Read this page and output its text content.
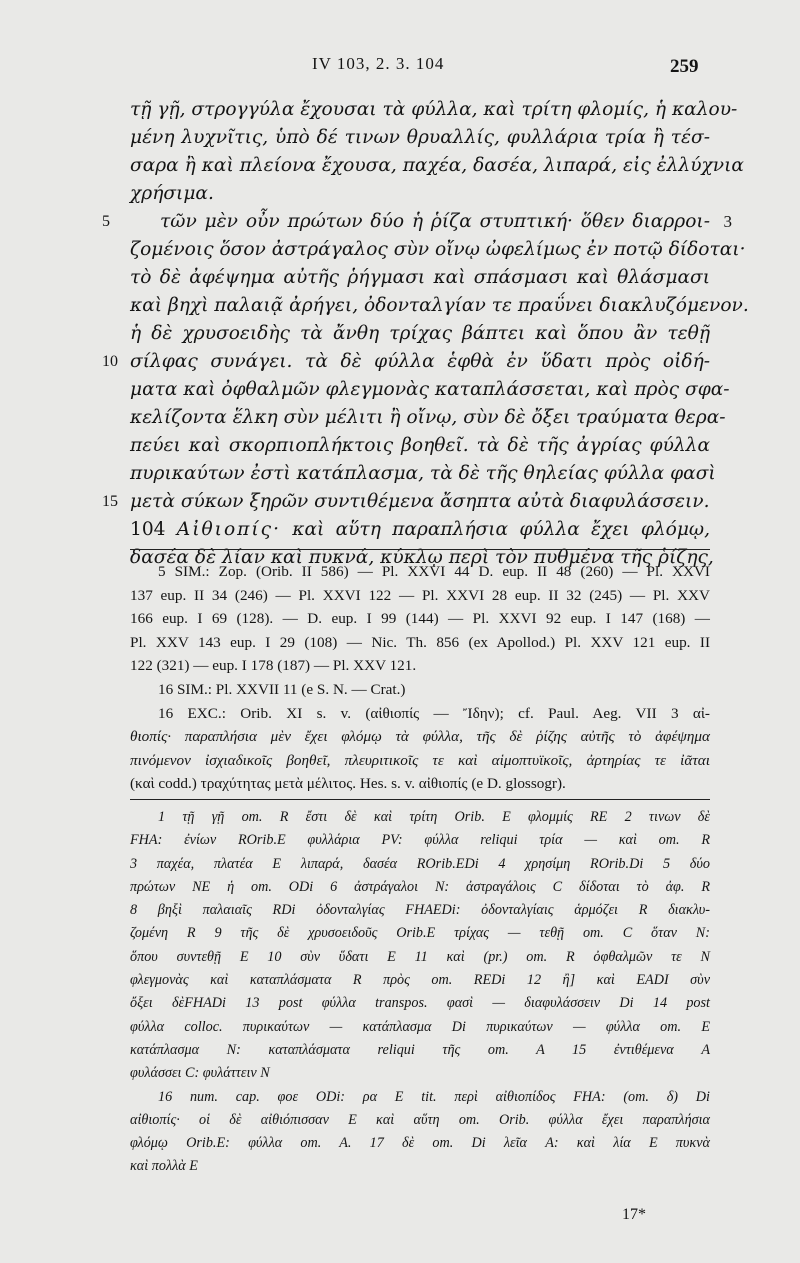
IV 103, 2. 3. 104	259
τῇ γῇ, στρογγύλα ἔχουσαι τὰ φύλλα, καὶ τρίτη φλομίς, ἡ καλου-
μένη λυχνῖτις, ὑπὸ δέ τινων θρυαλλίς, φυλλάρια τρία ἢ τέσ-
σαρα ἢ καὶ πλείονα ἔχουσα, παχέα, δασέα, λιπαρά, εἰς ἐλλύχνια
χρήσιμα.
5	τῶν μὲν οὖν πρώτων δύο ἡ ῥίζα στυπτική· ὅθεν διαρροι- 3
ζομένοις ὅσον ἀστράγαλος σὺν οἴνῳ ὠφελίμως ἐν ποτῷ δίδοται·
τὸ δὲ ἀφέψημα αὐτῆς ῥήγμασι καὶ σπάσμασι καὶ θλάσμασι
καὶ βηχὶ παλαιᾷ ἀρήγει, ὀδονταλγίαν τε πραΰνει διακλυζόμενον.
ἡ δὲ χρυσοειδὴς τὰ ἄνθη τρίχας βάπτει καὶ ὅπου ἂν τεθῇ
10 σίλφας συνάγει. τὰ δὲ φύλλα ἑφθὰ ἐν ὕδατι πρὸς οἰδή-
ματα καὶ ὀφθαλμῶν φλεγμονὰς καταπλάσσεται, καὶ πρὸς σφα-
κελίζοντα ἕλκη σὺν μέλιτι ἢ οἴνῳ, σὺν δὲ ὄξει τραύματα θερα-
πεύει καὶ σκορπιοπλήκτοις βοηθεῖ. τὰ δὲ τῆς ἀγρίας φύλλα
πυρικαύτων ἐστὶ κατάπλασμα, τὰ δὲ τῆς θηλείας φύλλα φασὶ
15 μετὰ σύκων ξηρῶν συντιθέμενα ἄσηπτα αὐτὰ διαφυλάσσειν.
104 Αἰθιοπίς· καὶ αὕτη παραπλήσια φύλλα ἔχει φλόμῳ,
δασέα δὲ λίαν καὶ πυκνά, κύκλῳ περὶ τὸν πυθμένα τῆς ῥίζης,
5 SIM.: Zop. (Orib. II 586) — Pl. XXVI 44 D. eup. II 48 (260) — Pl. XXVI
137 eup. II 34 (246) — Pl. XXVI 122 — Pl. XXVI 28 eup. II 32 (245) — Pl. XXV
166 eup. I 69 (128). — D. eup. I 99 (144) — Pl. XXVI 92 eup. I 147 (168) —
Pl. XXV 143 eup. I 29 (108) — Nic. Th. 856 (ex Apollod.) Pl. XXV 121 eup. II
122 (321) — eup. I 178 (187) — Pl. XXV 121.
16 SIM.: Pl. XXVII 11 (e S. N. — Crat.)
16 EXC.: Orib. XI s. v. (αἰθιοπίς — Ἴδην); cf. Paul. Aeg. VII 3 αἰ-
θιοπίς· παραπλήσια μὲν ἔχει φλόμῳ τὰ φύλλα, τῆς δὲ ῥίζης αὐτῆς τὸ ἀφέψημα
πινόμενον ἰσχιαδικοῖς βοηθεῖ, πλευριτικοῖς τε καὶ αἱμοπτυϊκοῖς, ἀρτηρίας τε ἰᾶται
(καὶ codd.) τραχύτητας μετὰ μέλιτος. Hes. s. v. αἰθιοπίς (e D. glossogr).
1 τῇ γῇ om. R ἔστι δὲ καὶ τρίτη Orib. E φλομμίς RE 2 τινων δὲ
FHA: ἐνίων ROrib.E φυλλάρια PV: φύλλα reliqui τρία — καὶ om. R
3 παχέα, πλατέα E λιπαρά, δασέα ROrib.EDi 4 χρησίμη ROrib.Di 5 δύο
πρώτων NE ἡ om. ODi 6 ἀστράγαλοι N: ἀστραγάλοις C δίδοται τὸ ἀφ. R
8 βηξὶ παλαιαῖς RDi ὀδονταλγίας FHAEDi: ὀδονταλγίαις ἁρμόζει R διακλυ-
ζομένη R 9 τῆς δὲ χρυσοειδοῦς Orib.E τρίχας — τεθῇ om. C ὅταν N:
ὅπου συντεθῇ E 10 σὺν ὕδατι E 11 καὶ (pr.) om. R ὀφθαλμῶν τε N
φλεγμονὰς καὶ καταπλάσματα R πρὸς om. REDi 12 ἢ] καὶ EADI σὺν
ὄξει δὲFHADi 13 post φύλλα transpos. φασὶ — διαφυλάσσειν Di 14 post
φύλλα colloc. πυρικαύτων — κατάπλασμα Di πυρικαύτων — φύλλα om. E
κατάπλασμα N: καταπλάσματα reliqui τῆς om. A 15 ἐντιθέμενα A
φυλάσσει C: φυλάττειν N
16 num. cap. φοε ODi: ρα E tit. περὶ αἰθιοπίδος FHA: (om. δ) Di
αἰθιοπίς· οἱ δὲ αἰθιόπισσαν E καὶ αὕτη om. Orib. φύλλα ἔχει παραπλήσια
φλόμῳ Orib.E: φύλλα om. A. 17 δὲ om. Di λεῖα A: καὶ λία E πυκνὰ
καὶ πολλὰ E
17*
